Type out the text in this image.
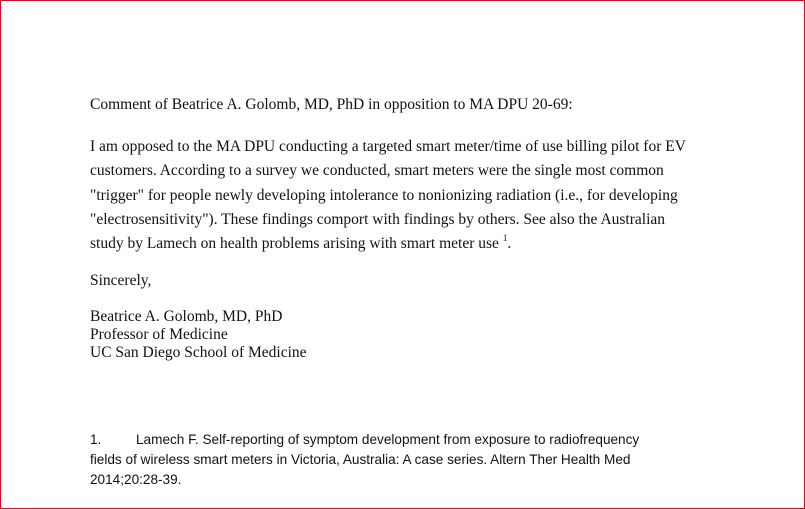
Comment of Beatrice A. Golomb, MD, PhD in opposition to MA DPU 20-69:

I am opposed to the MA DPU conducting a targeted smart meter/time of use billing pilot for EV
customers. According to a survey we conducted, smart meters were the single most common
"trigger" for people newly developing intolerance to nonionizing radiation (i.e., for developing
"electrosensitivity"). These findings comport with findings by others. See also the Australian
study by Lamech on health problems arising with smart meter use $^1$.

Sincerely,

Beatrice A. Golomb, MD, PhD
Professor of Medicine
UC San Diego School of Medicine
1.	Lamech F. Self-reporting of symptom development from exposure to radiofrequency
fields of wireless smart meters in Victoria, Australia: A case series. Altern Ther Health Med
2014;20:28-39.
